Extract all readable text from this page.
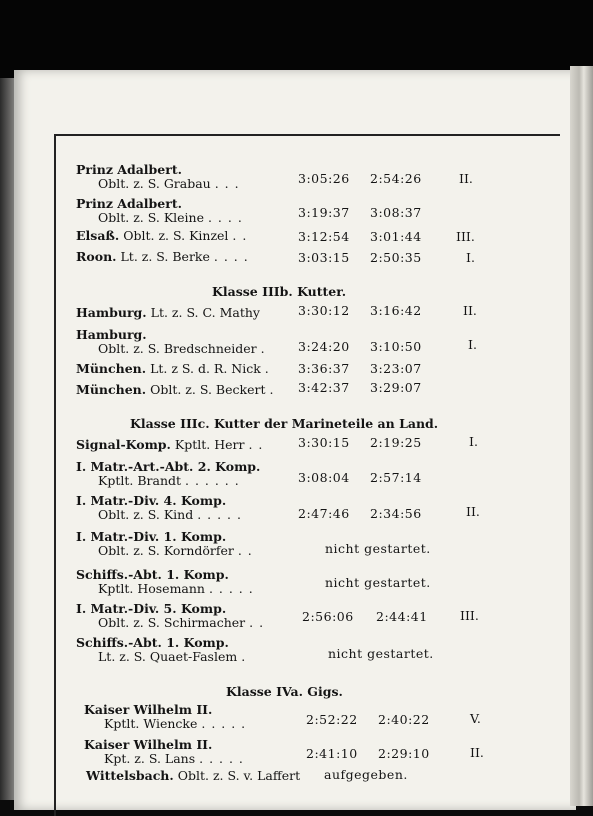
Prinz Adalbert.
Oblt. z. S. Grabau . . .	3:05:26 2:54:26	II.
Prinz Adalbert.
Oblt. z. S. Kleine . . . .	3:19:37 3:08:37
Elsaß. Oblt. z. S. Kinzel . .	3:12:54 3:01:44	III.
Roon. Lt. z. S. Berke . . . .	3:03:15 2:50:35	I.
Klasse IIIb. Kutter.
Hamburg. Lt. z. S. C. Mathy	3:30:12 3:16:42	II.
Hamburg.
Oblt. z. S. Bredschneider .	3:24:20 3:10:50	I.
München. Lt. z S. d. R. Nick . 3:36:37 3:23:07
München. Oblt. z. S. Beckert . 3:42:37 3:29:07
Klasse IIIc. Kutter der Marineteile an Land.
Signal-Komp. Kptlt. Herr . .	3:30:15 2:19:25	I.
I. Matr.-Art.-Abt. 2. Komp.
Kptlt. Brandt . . . . . .	3:08:04 2:57:14
I. Matr.-Div. 4. Komp.
Oblt. z. S. Kind . . . . .	2:47:46 2:34:56	II.
I. Matr.-Div. 1. Komp.
Oblt. z. S. Korndörfer . .	nicht gestartet.
Schiffs.-Abt. 1. Komp.
Kptlt. Hosemann . . . . .	nicht gestartet.
I. Matr.-Div. 5. Komp.
Oblt. z. S. Schirmacher . .	2:56:06 2:44:41	III.
Schiffs.-Abt. 1. Komp.
Lt. z. S. Quaet-Faslem .	nicht gestartet.
Klasse IVa. Gigs.
Kaiser Wilhelm II.
Kptlt. Wiencke . . . . .	2:52:22 2:40:22	V.
Kaiser Wilhelm II.
Kpt. z. S. Lans . . . . .	2:41:10 2:29:10	II.
Wittelsbach. Oblt. z. S. v. Laffert aufgegeben.
